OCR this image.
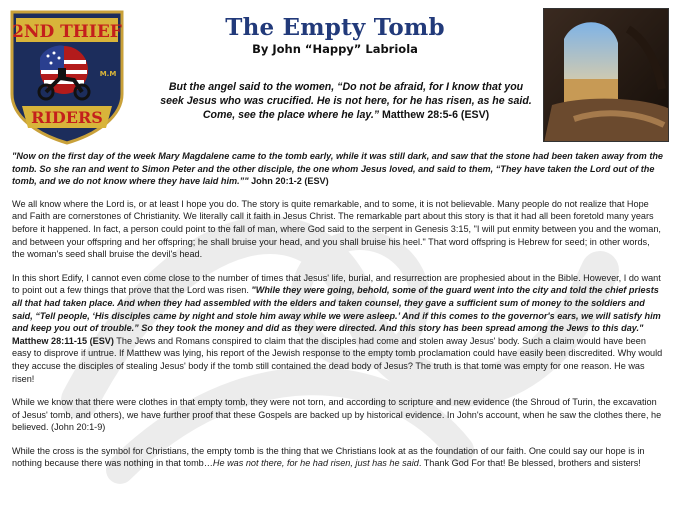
2ND THIEF
M.M
RIDERS
The Empty Tomb
By John “Happy” Labriola
But the angel said to the women, “Do not be afraid, for I know that you seek Jesus who was crucified. He is not here, for he has risen, as he said. Come, see the place where he lay.” Matthew 28:5-6 (ESV)

"Now on the first day of the week Mary Magdalene came to the tomb early, while it was still dark, and saw that the stone had been taken away from the tomb. So she ran and went to Simon Peter and the other disciple, the one whom Jesus loved, and said to them, “They have taken the Lord out of the tomb, and we do not know where they have laid him.”" John 20:1-2 (ESV)

We all know where the Lord is, or at least I hope you do. The story is quite remarkable, and to some, it is not believable. Many people do not realize that Hope and Faith are cornerstones of Christianity. We literally call it faith in Jesus Christ. The remarkable part about this story is that it had all been foretold many years before it happened. In fact, a person could point to the fall of man, where God said to the serpent in Genesis 3:15, "I will put enmity between you and the woman, and between your offspring and her offspring; he shall bruise your head, and you shall bruise his heel." That word offspring is Hebrew for seed; in other words, the woman's seed shall bruise the devil's head.

In this short Edify, I cannot even come close to the number of times that Jesus' life, burial, and resurrection are prophesied about in the Bible. However, I do want to point out a few things that prove that the Lord was risen. "While they were going, behold, some of the guard went into the city and told the chief priests all that had taken place. And when they had assembled with the elders and taken counsel, they gave a sufficient sum of money to the soldiers and said, “Tell people, ‘His disciples came by night and stole him away while we were asleep.’ And if this comes to the governor's ears, we will satisfy him and keep you out of trouble.” So they took the money and did as they were directed. And this story has been spread among the Jews to this day." Matthew 28:11-15 (ESV) The Jews and Romans conspired to claim that the disciples had come and stolen away Jesus' body. Such a claim would have been easy to disprove if untrue. If Matthew was lying, his report of the Jewish response to the empty tomb proclamation could have easily been discredited. Why would they accuse the disciples of stealing Jesus' body if the tomb still contained the dead body of Jesus? The truth is that tome was empty for one reason. He was risen!

While we know that there were clothes in that empty tomb, they were not torn, and according to scripture and new evidence (the Shroud of Turin, the excavation of Jesus' tomb, and others), we have further proof that these Gospels are backed up by historical evidence. In John's account, when he saw the clothes there, he believed. (John 20:1-9)

While the cross is the symbol for Christians, the empty tomb is the thing that we Christians look at as the foundation of our faith. One could say our hope is in nothing because there was nothing in that tomb…He was not there, for he had risen, just has he said. Thank God For that! Be blessed, brothers and sisters!
